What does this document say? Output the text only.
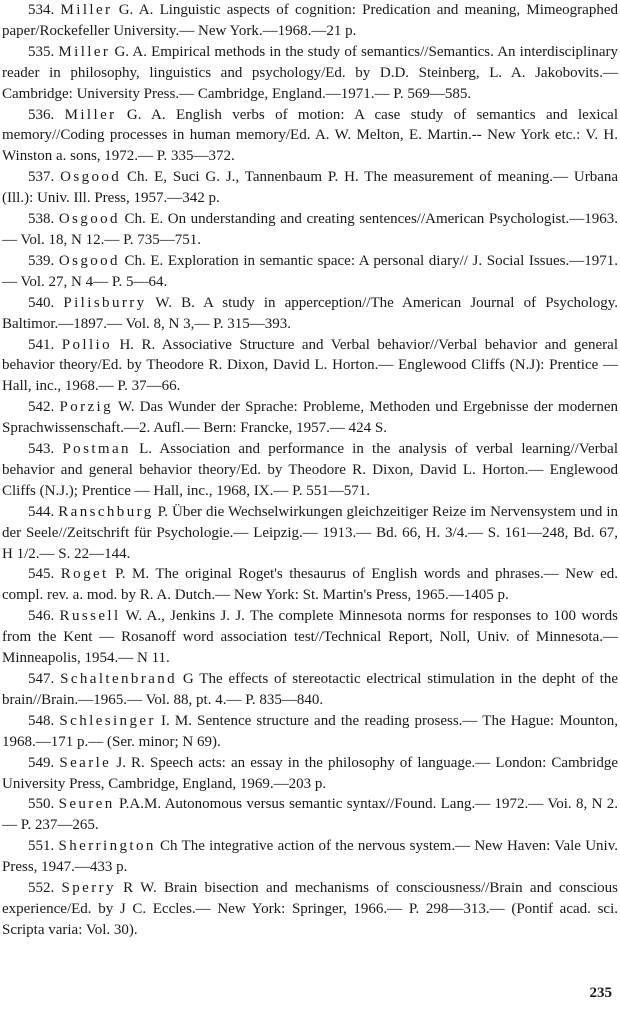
534. Miller G. A. Linguistic aspects of cognition: Predication and meaning, Mimeographed paper/Rockefeller University.— New York.—1968.—21 p.

535. Miller G. A. Empirical methods in the study of semantics//Semantics. An interdisciplinary reader in philosophy, linguistics and psychology/Ed. by D.D. Steinberg, L. A. Jakobovits.— Cambridge: University Press.— Cambridge, England.—1971.— P. 569—585.

536. Miller G. A. English verbs of motion: A case study of semantics and lexical memory//Coding processes in human memory/Ed. A. W. Melton, E. Martin.-- New York etc.: V. H. Winston a. sons, 1972.— P. 335—372.

537. Osgood Ch. E, Suci G. J., Tannenbaum P. H. The measurement of meaning.— Urbana (Ill.): Univ. Ill. Press, 1957.—342 p.

538. Osgood Ch. E. On understanding and creating sentences//American Psychologist.—1963.— Vol. 18, N 12.— P. 735—751.

539. Osgood Ch. E. Exploration in semantic space: A personal diary// J. Social Issues.—1971.— Vol. 27, N 4— P. 5—64.

540. Pilisburry W. B. A study in apperception//The American Journal of Psychology. Baltimor.—1897.— Vol. 8, N 3,— P. 315—393.

541. Pollio H. R. Associative Structure and Verbal behavior//Verbal behavior and general behavior theory/Ed. by Theodore R. Dixon, David L. Horton.— Englewood Cliffs (N.J): Prentice — Hall, inc., 1968.— P. 37—66.

542. Porzig W. Das Wunder der Sprache: Probleme, Methoden und Ergebnisse der modernen Sprachwissenschaft.—2. Aufl.— Bern: Francke, 1957.— 424 S.

543. Postman L. Association and performance in the analysis of verbal learning//Verbal behavior and general behavior theory/Ed. by Theodore R. Dixon, David L. Horton.— Englewood Cliffs (N.J.); Prentice — Hall, inc., 1968, IX.— P. 551—571.

544. Ranschburg P. Über die Wechselwirkungen gleichzeitiger Reize im Nervensystem und in der Seele//Zeitschrift für Psychologie.— Leipzig.— 1913.— Bd. 66, H. 3/4.— S. 161—248, Bd. 67, H 1/2.— S. 22—144.

545. Roget P. M. The original Roget's thesaurus of English words and phrases.— New ed. compl. rev. a. mod. by R. A. Dutch.— New York: St. Martin's Press, 1965.—1405 p.

546. Russell W. A., Jenkins J. J. The complete Minnesota norms for responses to 100 words from the Kent — Rosanoff word association test//Technical Report, Noll, Univ. of Minnesota.—Minneapolis, 1954.— N 11.

547. Schaltenbrand G The effects of stereotactic electrical stimulation in the depht of the brain//Brain.—1965.— Vol. 88, pt. 4.— P. 835—840.

548. Schlesinger I. M. Sentence structure and the reading prosess.— The Hague: Mounton, 1968.—171 p.— (Ser. minor; N 69).

549. Searle J. R. Speech acts: an essay in the philosophy of language.— London: Cambridge University Press, Cambridge, England, 1969.—203 p.

550. Seuren P.A.M. Autonomous versus semantic syntax//Found. Lang.— 1972.— Voi. 8, N 2.— P. 237—265.

551. Sherrington Ch The integrative action of the nervous system.— New Haven: Vale Univ. Press, 1947.—433 p.

552. Sperry R W. Brain bisection and mechanisms of consciousness//Brain and conscious experience/Ed. by J C. Eccles.— New York: Springer, 1966.— P. 298—313.— (Pontif acad. sci. Scripta varia: Vol. 30).

235
